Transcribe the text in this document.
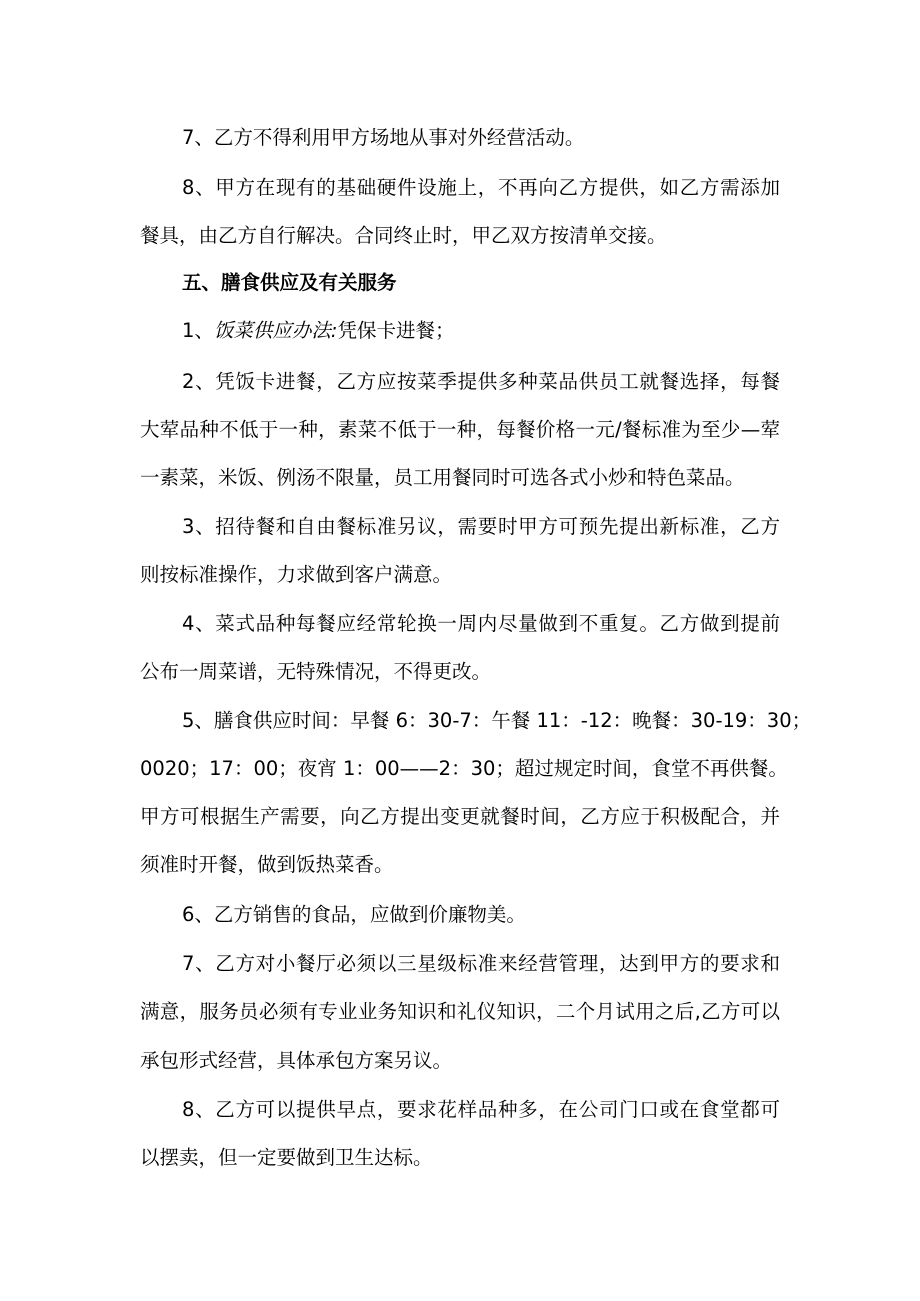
7、乙方不得利用甲方场地从事对外经营活动。
8、甲方在现有的基础硬件设施上，不再向乙方提供，如乙方需添加
餐具，由乙方自行解决。合同终止时，甲乙双方按清单交接。
五、膳食供应及有关服务
1、饭菜供应办法:凭保卡进餐；
2、凭饭卡进餐，乙方应按菜季提供多种菜品供员工就餐选择，每餐
大荤品种不低于一种，素菜不低于一种，每餐价格一元/餐标准为至少—荤
一素菜，米饭、例汤不限量，员工用餐同时可选各式小炒和特色菜品。
3、招待餐和自由餐标准另议，需要时甲方可预先提出新标准，乙方
则按标准操作，力求做到客户满意。
4、菜式品种每餐应经常轮换一周内尽量做到不重复。乙方做到提前
公布一周菜谱，无特殊情况，不得更改。
5、膳食供应时间：早餐 6：30-7：午餐 11：-12：晚餐：30-19：30；
0020；17：00；夜宵 1：00——2：30；超过规定时间，食堂不再供餐。
甲方可根据生产需要，向乙方提出变更就餐时间，乙方应于积极配合，并
须准时开餐，做到饭热菜香。
6、乙方销售的食品，应做到价廉物美。
7、乙方对小餐厅必须以三星级标准来经营管理，达到甲方的要求和
满意，服务员必须有专业业务知识和礼仪知识，二个月试用之后,乙方可以
承包形式经营，具体承包方案另议。
8、乙方可以提供早点，要求花样品种多，在公司门口或在食堂都可
以摆卖，但一定要做到卫生达标。
